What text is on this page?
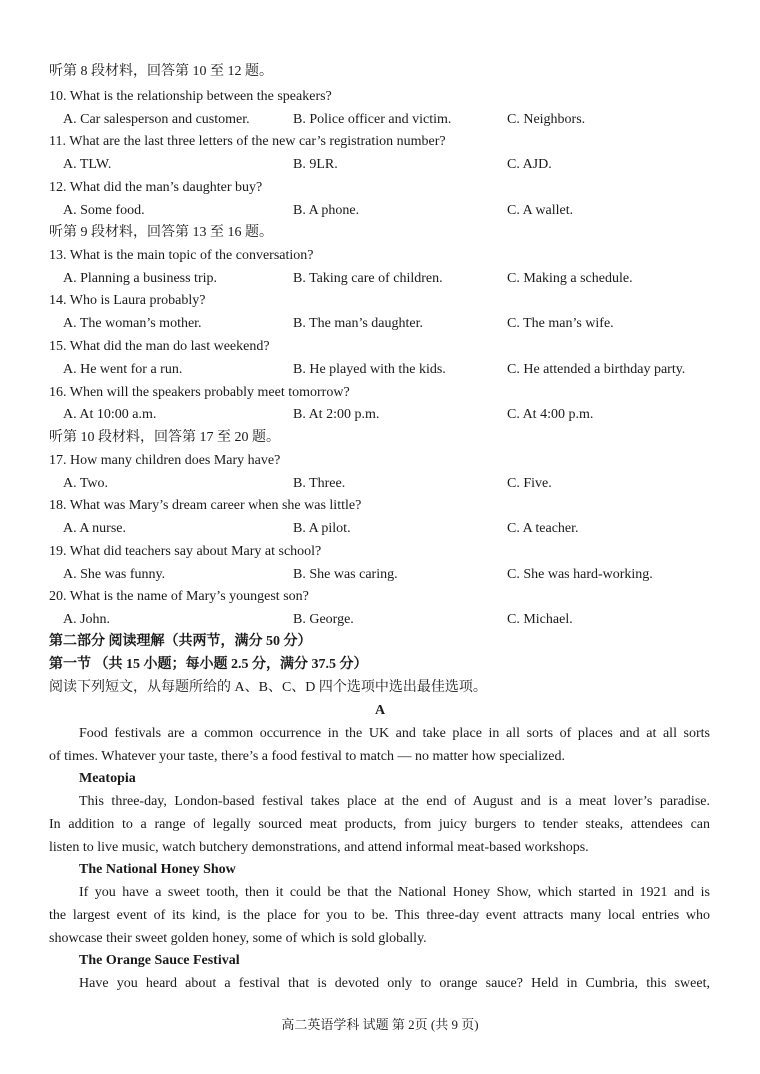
听第 8 段材料，回答第 10 至 12 题。
10. What is the relationship between the speakers?
A. Car salesperson and customer.	B. Police officer and victim.	C. Neighbors.
11. What are the last three letters of the new car’s registration number?
A. TLW.	B. 9LR.	C. AJD.
12. What did the man’s daughter buy?
A. Some food.	B. A phone.	C. A wallet.
听第 9 段材料，回答第 13 至 16 题。
13. What is the main topic of the conversation?
A. Planning a business trip.	B. Taking care of children.	C. Making a schedule.
14. Who is Laura probably?
A. The woman’s mother.	B. The man’s daughter.	C. The man’s wife.
15. What did the man do last weekend?
A. He went for a run.	B. He played with the kids.	C. He attended a birthday party.
16. When will the speakers probably meet tomorrow?
A. At 10:00 a.m.	B. At 2:00 p.m.	C. At 4:00 p.m.
听第 10 段材料，回答第 17 至 20 题。
17. How many children does Mary have?
A. Two.	B. Three.	C. Five.
18. What was Mary’s dream career when she was little?
A. A nurse.	B. A pilot.	C. A teacher.
19. What did teachers say about Mary at school?
A. She was funny.	B. She was caring.	C. She was hard-working.
20. What is the name of Mary’s youngest son?
A. John.	B. George.	C. Michael.
第二部分 阅读理解（共两节，满分 50 分）
第一节 （共 15 小题；每小题 2.5 分，满分 37.5 分）
阅读下列短文，从每题所给的 A、B、C、D 四个选项中选出最佳选项。
A
Food festivals are a common occurrence in the UK and take place in all sorts of places and at all sorts
of times. Whatever your taste, there’s a food festival to match — no matter how specialized.
Meatopia
This three-day, London-based festival takes place at the end of August and is a meat lover’s paradise.
In addition to a range of legally sourced meat products, from juicy burgers to tender steaks, attendees can
listen to live music, watch butchery demonstrations, and attend informal meat-based workshops.
The National Honey Show
If you have a sweet tooth, then it could be that the National Honey Show, which started in 1921 and is
the largest event of its kind, is the place for you to be. This three-day event attracts many local entries who
showcase their sweet golden honey, some of which is sold globally.
The Orange Sauce Festival
Have you heard about a festival that is devoted only to orange sauce? Held in Cumbria, this sweet,
高二英语学科 试题 第 2页 (共 9 页)
